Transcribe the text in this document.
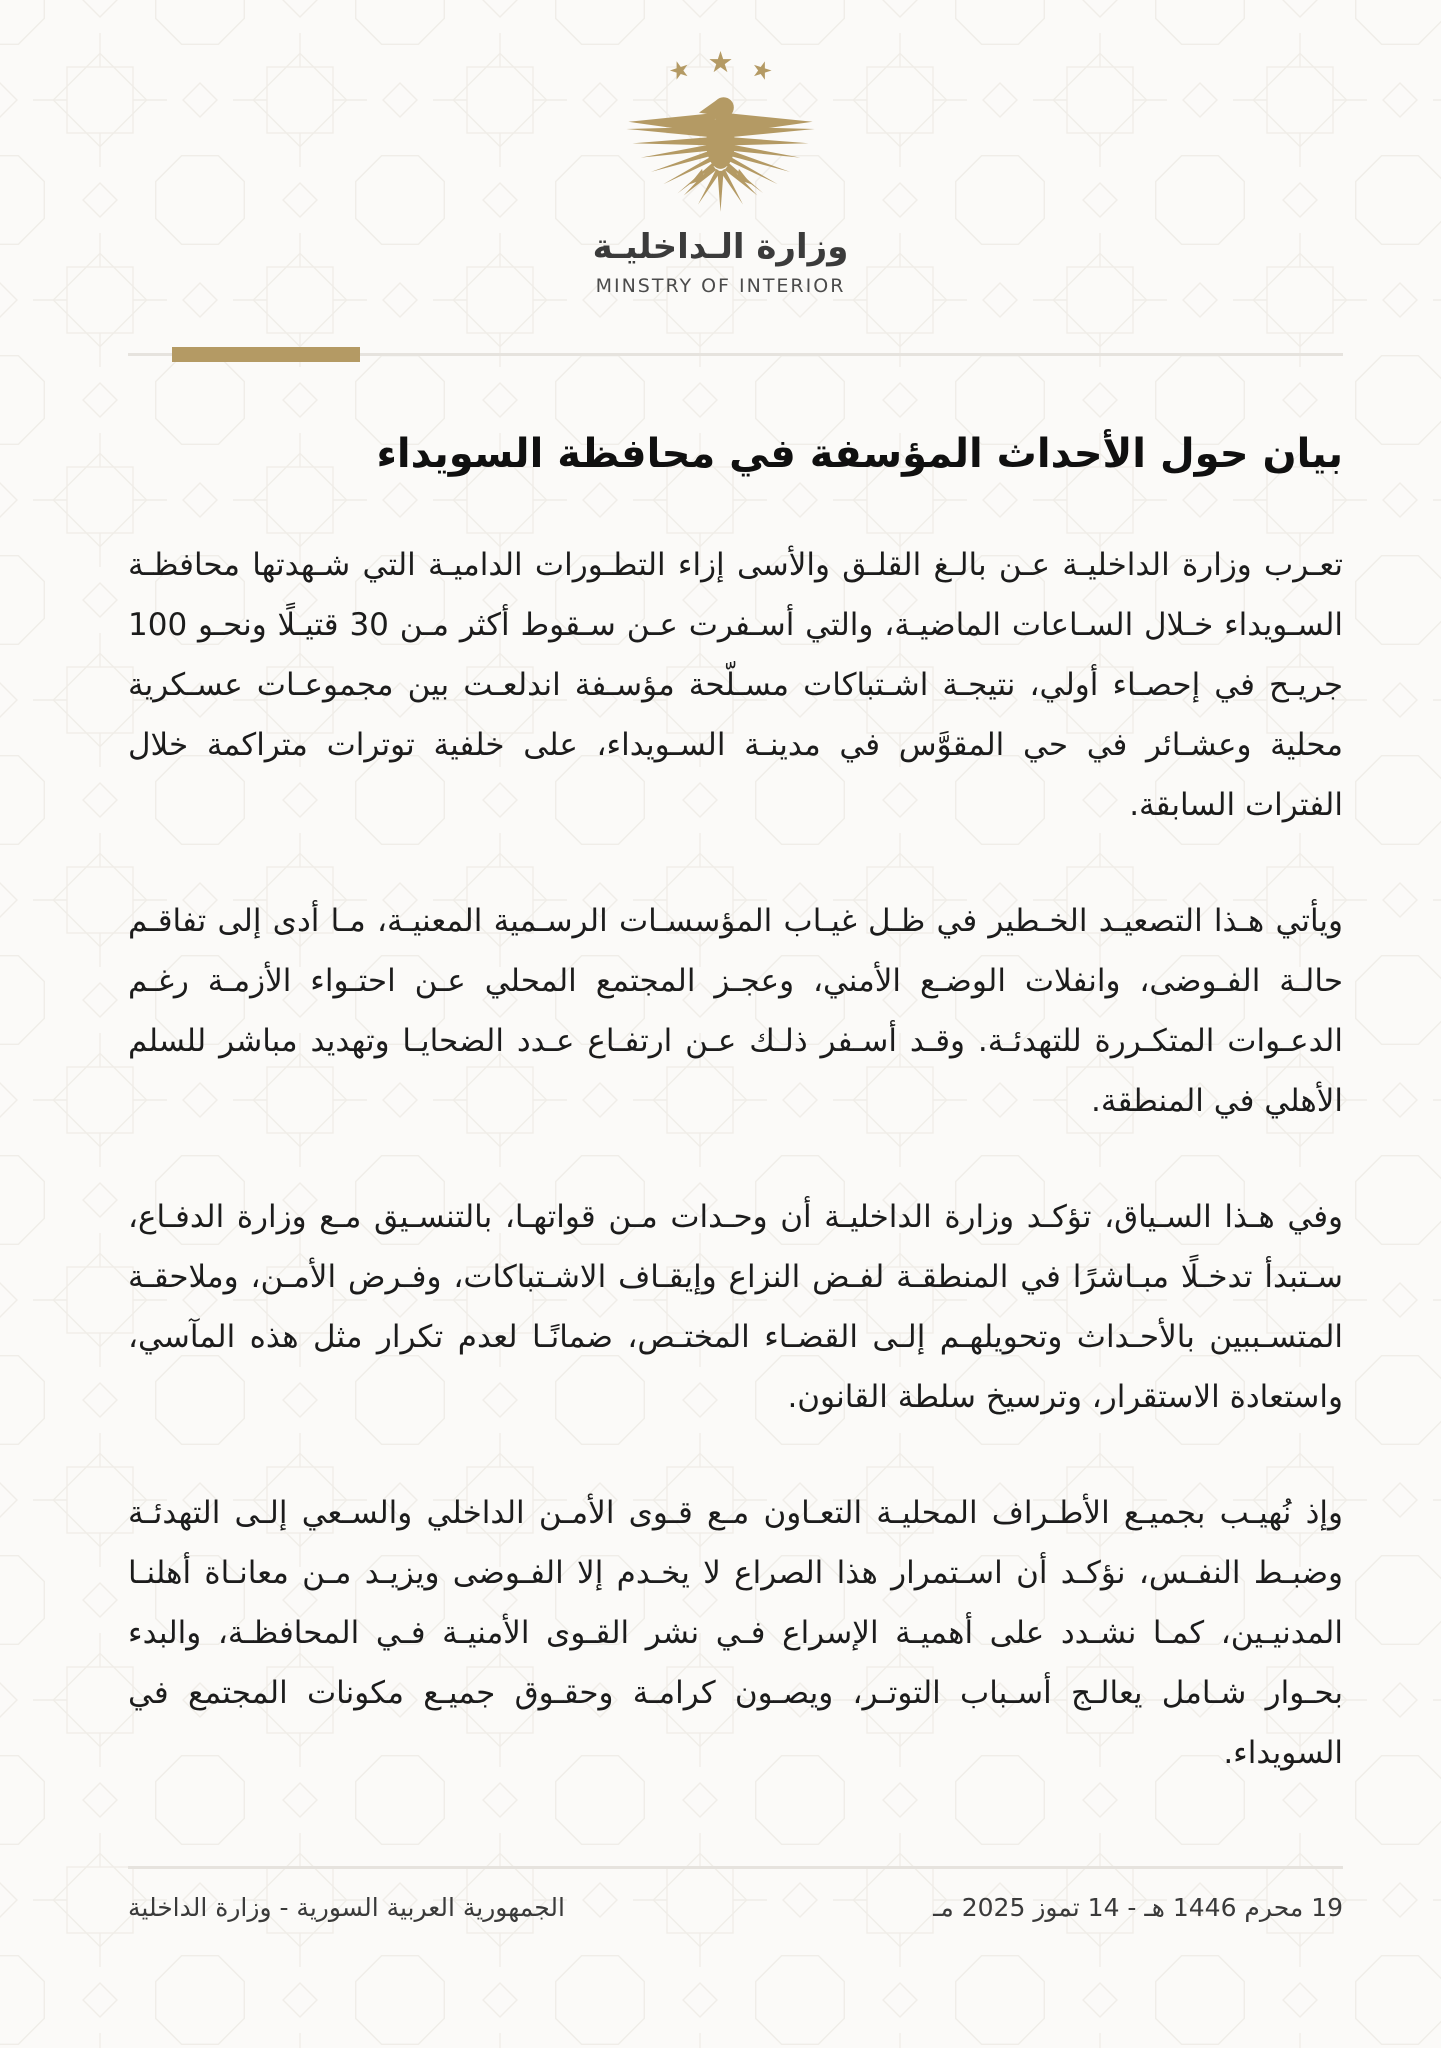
★ ★ ★
وزارة الـداخليـة
MINSTRY OF INTERIOR
بيان حول الأحداث المؤسفة في محافظة السويداء

تعـرب وزارة الداخليـة عـن بالـغ القلـق والأسى إزاء التطـورات الداميـة التي شـهدتها محافظـة السـويداء خـلال السـاعات الماضيـة، والتي أسـفرت عـن سـقوط أكثر مـن 30 قتيـلًا ونحـو 100 جريـح في إحصـاء أولي، نتيجـة اشـتباكات مسـلّحة مؤسـفة اندلعـت بين مجموعـات عسـكرية محلية وعشـائر في حي المقوَّس في مدينـة السـويداء، على خلفية توترات متراكمة خلال الفترات السابقة.

ويأتي هـذا التصعيـد الخـطير في ظـل غيـاب المؤسسـات الرسـمية المعنيـة، مـا أدى إلى تفاقـم حالـة الفـوضى، وانفلات الوضـع الأمني، وعجـز المجتمع المحلي عـن احتـواء الأزمـة رغـم الدعـوات المتكـررة للتهدئـة. وقـد أسـفر ذلـك عـن ارتفـاع عـدد الضحايـا وتهديد مباشر للسلم الأهلي في المنطقة.

وفي هـذا السـياق، تؤكـد وزارة الداخليـة أن وحـدات مـن قواتهـا، بالتنسـيق مـع وزارة الدفـاع، سـتبدأ تدخـلًا مبـاشرًا في المنطقـة لفـض النزاع وإيقـاف الاشـتباكات، وفـرض الأمـن، وملاحقـة المتسـببين بالأحـداث وتحويلهـم إلـى القضـاء المختـص، ضمانًـا لعدم تكرار مثل هذه المآسي، واستعادة الاستقرار، وترسيخ سلطة القانون.

وإذ نُهيـب بجميـع الأطـراف المحليـة التعـاون مـع قـوى الأمـن الداخلي والسـعي إلـى التهدئـة وضبـط النفـس، نؤكـد أن اسـتمرار هذا الصراع لا يخـدم إلا الفـوضى ويزيـد مـن معانـاة أهلنـا المدنيـين، كمـا نشـدد على أهميـة الإسراع فـي نشر القـوى الأمنيـة فـي المحافظـة، والبدء بحـوار شـامل يعالـج أسـباب التوتـر، ويصـون كرامـة وحقـوق جميـع مكونات المجتمع في السويداء.

19 محرم 1446 هـ - 14 تموز 2025 مـ
الجمهورية العربية السورية - وزارة الداخلية
